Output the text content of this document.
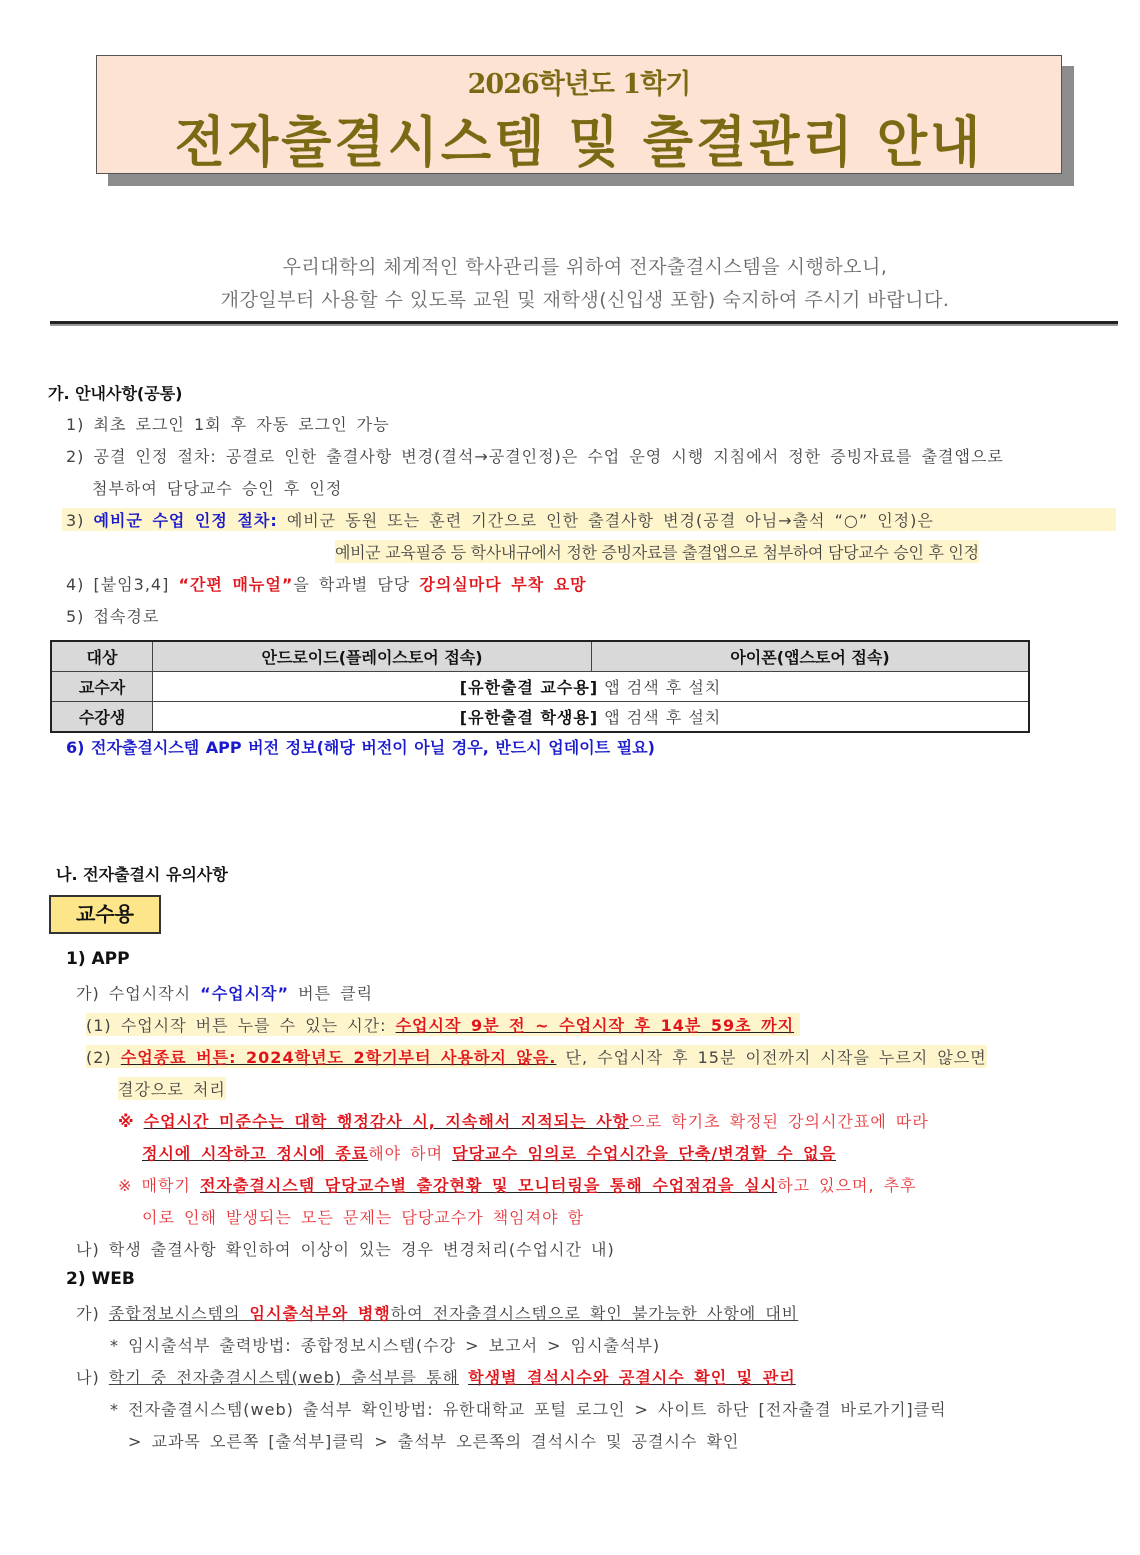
2026학년도 1학기
전자출결시스템 및 출결관리 안내
우리대학의 체계적인 학사관리를 위하여 전자출결시스템을 시행하오니,
개강일부터 사용할 수 있도록 교원 및 재학생(신입생 포함) 숙지하여 주시기 바랍니다.
가. 안내사항(공통)
1) 최초 로그인 1회 후 자동 로그인 가능
2) 공결 인정 절차: 공결로 인한 출결사항 변경(결석→공결인정)은 수업 운영 시행 지침에서 정한 증빙자료를 출결앱으로
첨부하여 담당교수 승인 후 인정
3) 예비군 수업 인정 절차: 예비군 동원 또는 훈련 기간으로 인한 출결사항 변경(공결 아님→출석 “○” 인정)은
예비군 교육필증 등 학사내규에서 정한 증빙자료를 출결앱으로 첨부하여 담당교수 승인 후 인정
4) [붙임3,4] “간편 매뉴얼”을 학과별 담당 강의실마다 부착 요망
5) 접속경로
대상	안드로이드(플레이스토어 접속)	아이폰(앱스토어 접속)
교수자	[유한출결 교수용] 앱 검색 후 설치	
수강생	[유한출결 학생용] 앱 검색 후 설치	
6) 전자출결시스템 APP 버전 정보(해당 버전이 아닐 경우, 반드시 업데이트 필요)
나. 전자출결시 유의사항
교수용
1) APP
가) 수업시작시 “수업시작” 버튼 클릭
(1) 수업시작 버튼 누를 수 있는 시간: 수업시작 9분 전 ~ 수업시작 후 14분 59초 까지
(2) 수업종료 버튼: 2024학년도 2학기부터 사용하지 않음. 단, 수업시작 후 15분 이전까지 시작을 누르지 않으면
결강으로 처리
※ 수업시간 미준수는 대학 행정감사 시, 지속해서 지적되는 사항으로 학기초 확정된 강의시간표에 따라
정시에 시작하고 정시에 종료해야 하며 담당교수 임의로 수업시간을 단축/변경할 수 없음
※ 매학기 전자출결시스템 담당교수별 출강현황 및 모니터링을 통해 수업점검을 실시하고 있으며, 추후
이로 인해 발생되는 모든 문제는 담당교수가 책임져야 함
나) 학생 출결사항 확인하여 이상이 있는 경우 변경처리(수업시간 내)
2) WEB
가) 종합정보시스템의 임시출석부와 병행하여 전자출결시스템으로 확인 불가능한 사항에 대비
* 임시출석부 출력방법: 종합정보시스템(수강 > 보고서 > 임시출석부)
나) 학기 중 전자출결시스템(web) 출석부를 통해 학생별 결석시수와 공결시수 확인 및 관리
* 전자출결시스템(web) 출석부 확인방법: 유한대학교 포털 로그인 > 사이트 하단 [전자출결 바로가기]클릭
> 교과목 오른쪽 [출석부]클릭 > 출석부 오른쪽의 결석시수 및 공결시수 확인
